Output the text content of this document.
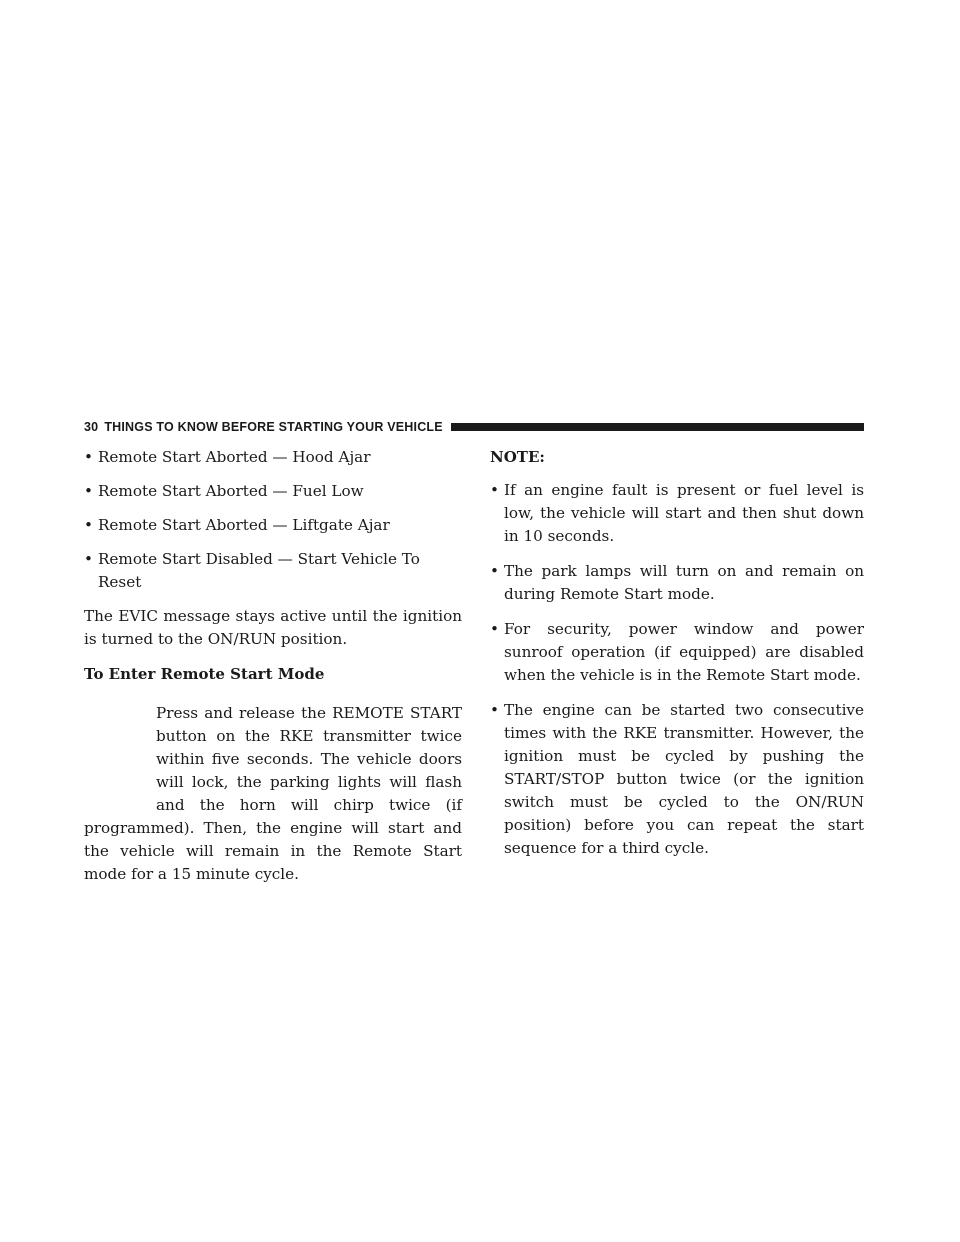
30 THINGS TO KNOW BEFORE STARTING YOUR VEHICLE
• Remote Start Aborted — Hood Ajar
• Remote Start Aborted — Fuel Low
• Remote Start Aborted — Liftgate Ajar
• Remote Start Disabled — Start Vehicle To Reset

The EVIC message stays active until the ignition is turned to the ON/RUN position.

To Enter Remote Start Mode

Press and release the REMOTE START button on the RKE transmitter twice within five seconds. The vehicle doors will lock, the parking lights will flash and the horn will chirp twice (if programmed). Then, the engine will start and the vehicle will remain in the Remote Start mode for a 15 minute cycle.

NOTE:

• If an engine fault is present or fuel level is low, the vehicle will start and then shut down in 10 seconds.
• The park lamps will turn on and remain on during Remote Start mode.
• For security, power window and power sunroof operation (if equipped) are disabled when the vehicle is in the Remote Start mode.
• The engine can be started two consecutive times with the RKE transmitter. However, the ignition must be cycled by pushing the START/STOP button twice (or the ignition switch must be cycled to the ON/RUN position) before you can repeat the start sequence for a third cycle.
